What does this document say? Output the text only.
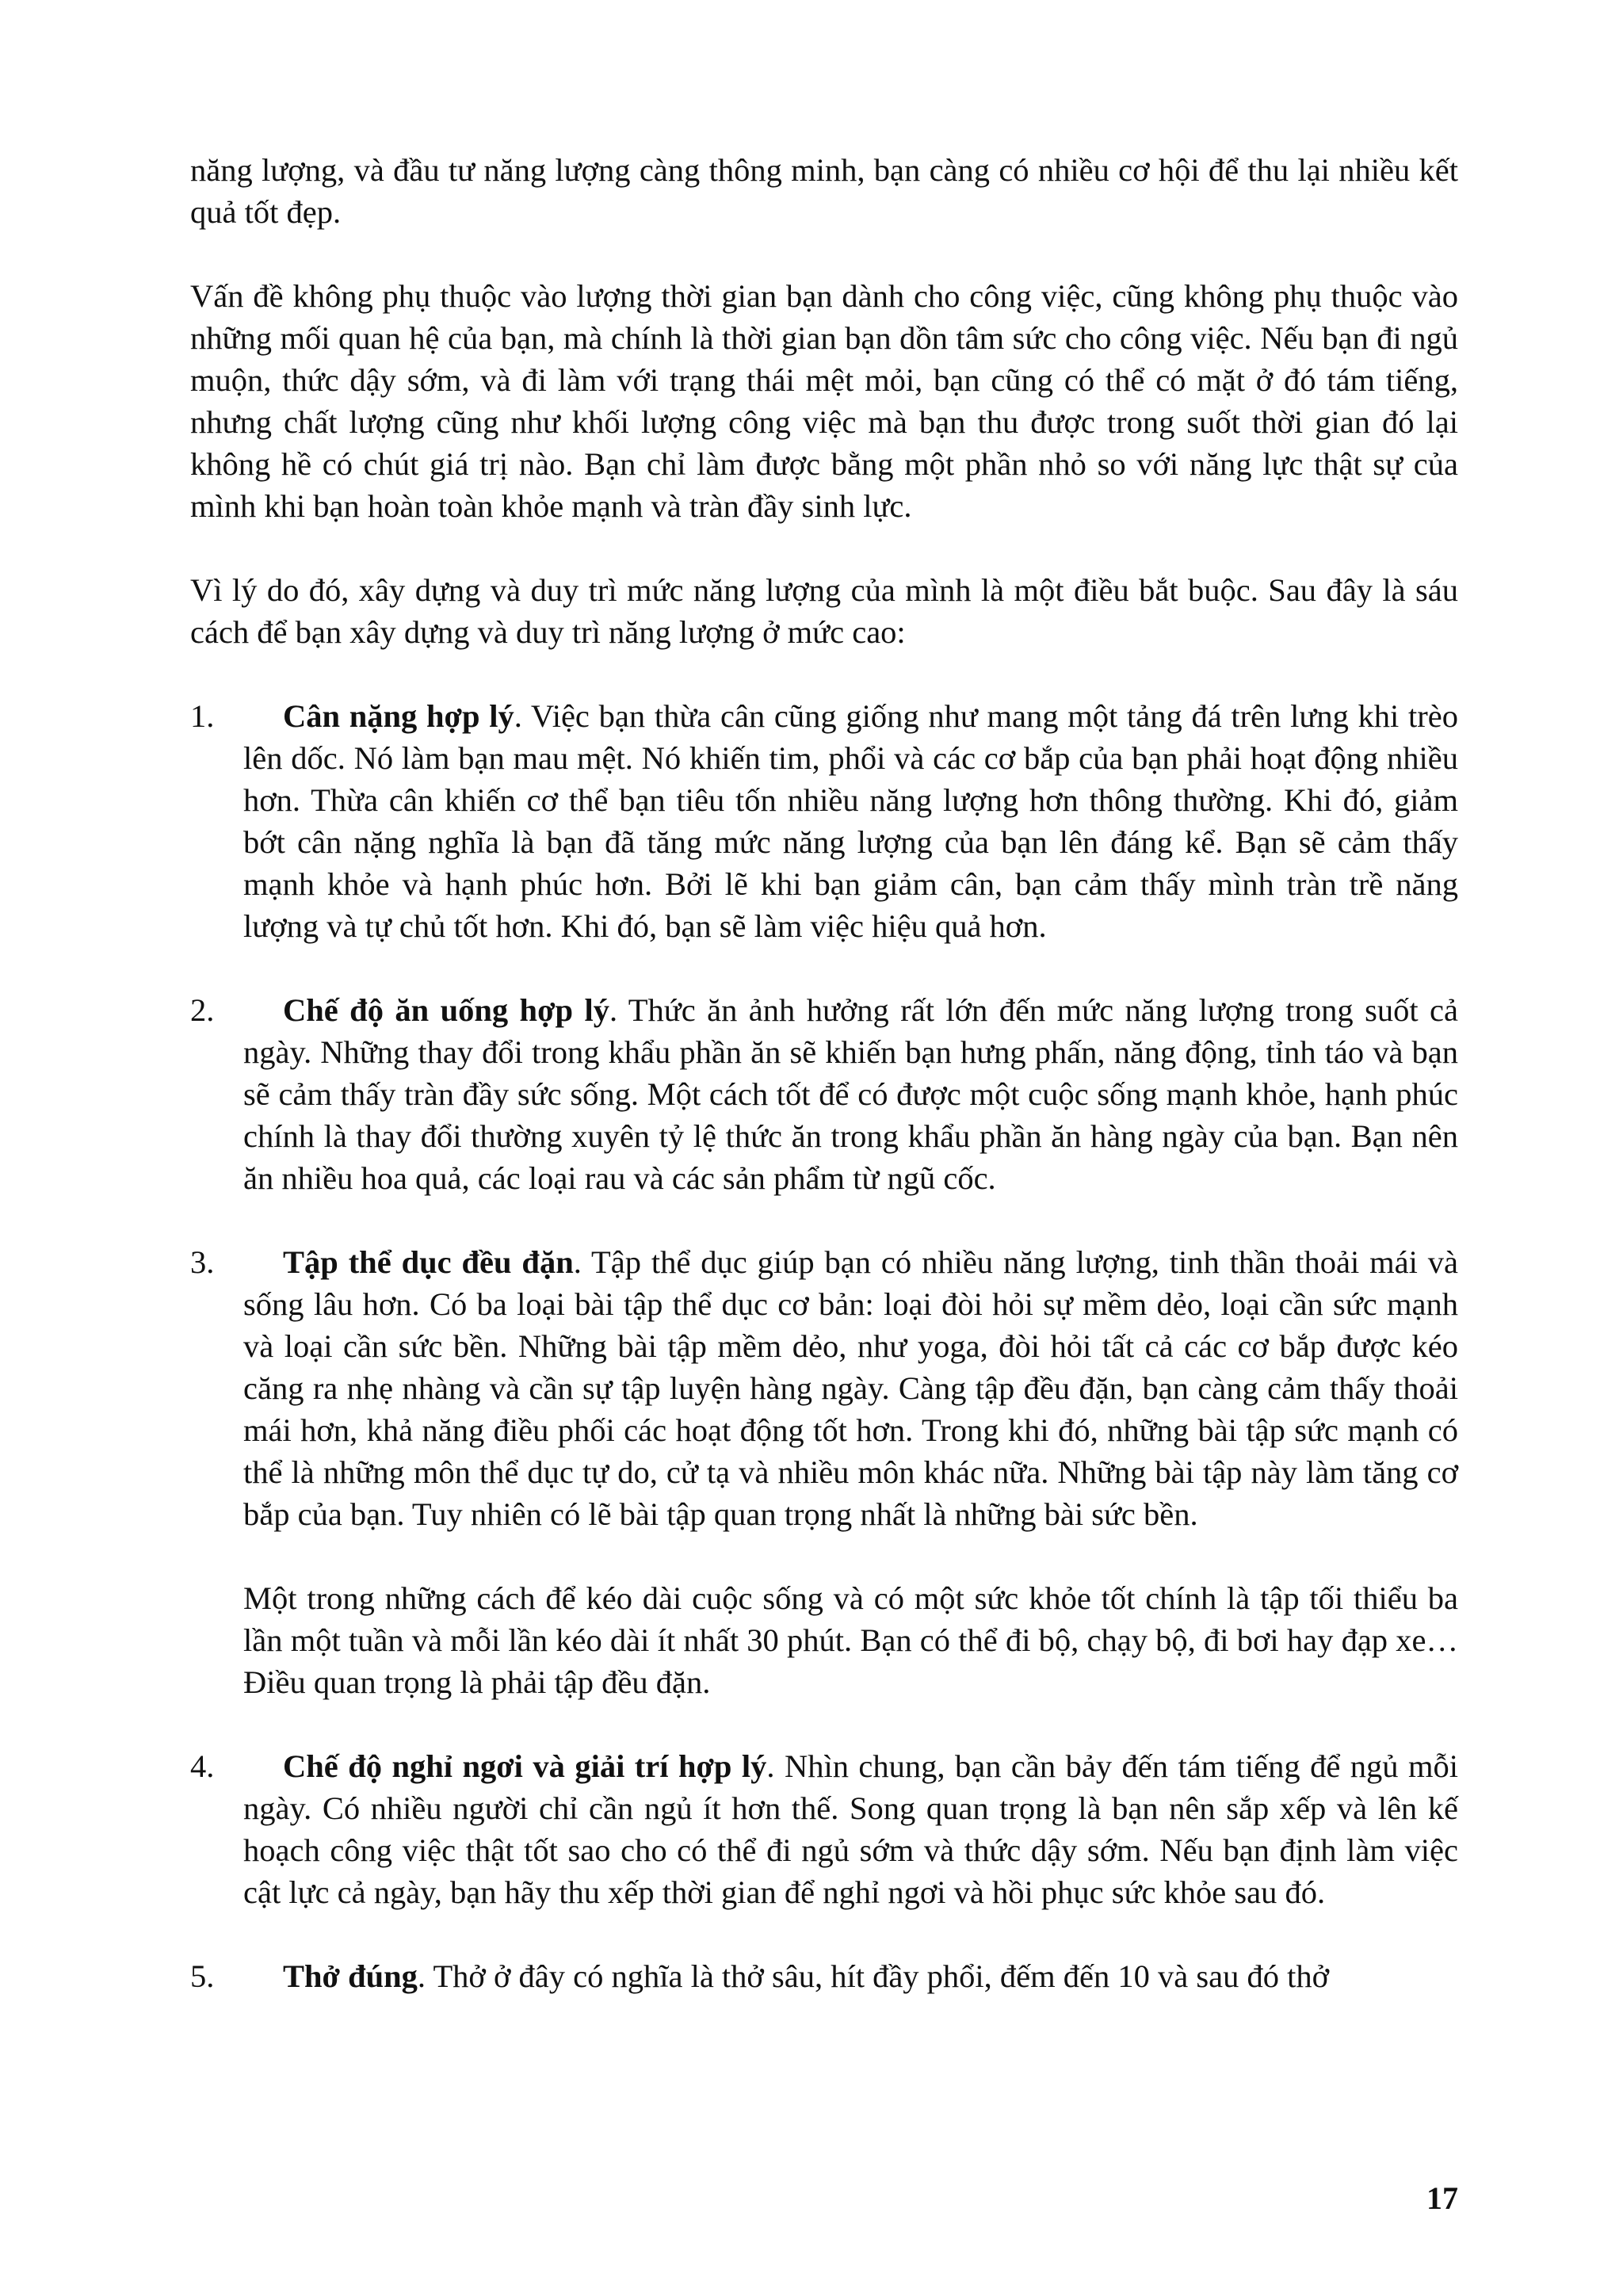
năng lượng, và đầu tư năng lượng càng thông minh, bạn càng có nhiều cơ hội để thu lại nhiều kết quả tốt đẹp.

Vấn đề không phụ thuộc vào lượng thời gian bạn dành cho công việc, cũng không phụ thuộc vào những mối quan hệ của bạn, mà chính là thời gian bạn dồn tâm sức cho công việc. Nếu bạn đi ngủ muộn, thức dậy sớm, và đi làm với trạng thái mệt mỏi, bạn cũng có thể có mặt ở đó tám tiếng, nhưng chất lượng cũng như khối lượng công việc mà bạn thu được trong suốt thời gian đó lại không hề có chút giá trị nào. Bạn chỉ làm được bằng một phần nhỏ so với năng lực thật sự của mình khi bạn hoàn toàn khỏe mạnh và tràn đầy sinh lực.

Vì lý do đó, xây dựng và duy trì mức năng lượng của mình là một điều bắt buộc. Sau đây là sáu cách để bạn xây dựng và duy trì năng lượng ở mức cao:

1.	Cân nặng hợp lý. Việc bạn thừa cân cũng giống như mang một tảng đá trên lưng khi trèo lên dốc. Nó làm bạn mau mệt. Nó khiến tim, phổi và các cơ bắp của bạn phải hoạt động nhiều hơn. Thừa cân khiến cơ thể bạn tiêu tốn nhiều năng lượng hơn thông thường. Khi đó, giảm bớt cân nặng nghĩa là bạn đã tăng mức năng lượng của bạn lên đáng kể. Bạn sẽ cảm thấy mạnh khỏe và hạnh phúc hơn. Bởi lẽ khi bạn giảm cân, bạn cảm thấy mình tràn trề năng lượng và tự chủ tốt hơn. Khi đó, bạn sẽ làm việc hiệu quả hơn.
2.	Chế độ ăn uống hợp lý. Thức ăn ảnh hưởng rất lớn đến mức năng lượng trong suốt cả ngày. Những thay đổi trong khẩu phần ăn sẽ khiến bạn hưng phấn, năng động, tỉnh táo và bạn sẽ cảm thấy tràn đầy sức sống. Một cách tốt để có được một cuộc sống mạnh khỏe, hạnh phúc chính là thay đổi thường xuyên tỷ lệ thức ăn trong khẩu phần ăn hàng ngày của bạn. Bạn nên ăn nhiều hoa quả, các loại rau và các sản phẩm từ ngũ cốc.
3.	Tập thể dục đều đặn. Tập thể dục giúp bạn có nhiều năng lượng, tinh thần thoải mái và sống lâu hơn. Có ba loại bài tập thể dục cơ bản: loại đòi hỏi sự mềm dẻo, loại cần sức mạnh và loại cần sức bền. Những bài tập mềm dẻo, như yoga, đòi hỏi tất cả các cơ bắp được kéo căng ra nhẹ nhàng và cần sự tập luyện hàng ngày. Càng tập đều đặn, bạn càng cảm thấy thoải mái hơn, khả năng điều phối các hoạt động tốt hơn. Trong khi đó, những bài tập sức mạnh có thể là những môn thể dục tự do, cử tạ và nhiều môn khác nữa. Những bài tập này làm tăng cơ bắp của bạn. Tuy nhiên có lẽ bài tập quan trọng nhất là những bài sức bền.

Một trong những cách để kéo dài cuộc sống và có một sức khỏe tốt chính là tập tối thiểu ba lần một tuần và mỗi lần kéo dài ít nhất 30 phút. Bạn có thể đi bộ, chạy bộ, đi bơi hay đạp xe… Điều quan trọng là phải tập đều đặn.

4.	Chế độ nghỉ ngơi và giải trí hợp lý. Nhìn chung, bạn cần bảy đến tám tiếng để ngủ mỗi ngày. Có nhiều người chỉ cần ngủ ít hơn thế. Song quan trọng là bạn nên sắp xếp và lên kế hoạch công việc thật tốt sao cho có thể đi ngủ sớm và thức dậy sớm. Nếu bạn định làm việc cật lực cả ngày, bạn hãy thu xếp thời gian để nghỉ ngơi và hồi phục sức khỏe sau đó.
5.	Thở đúng. Thở ở đây có nghĩa là thở sâu, hít đầy phổi, đếm đến 10 và sau đó thở
17
